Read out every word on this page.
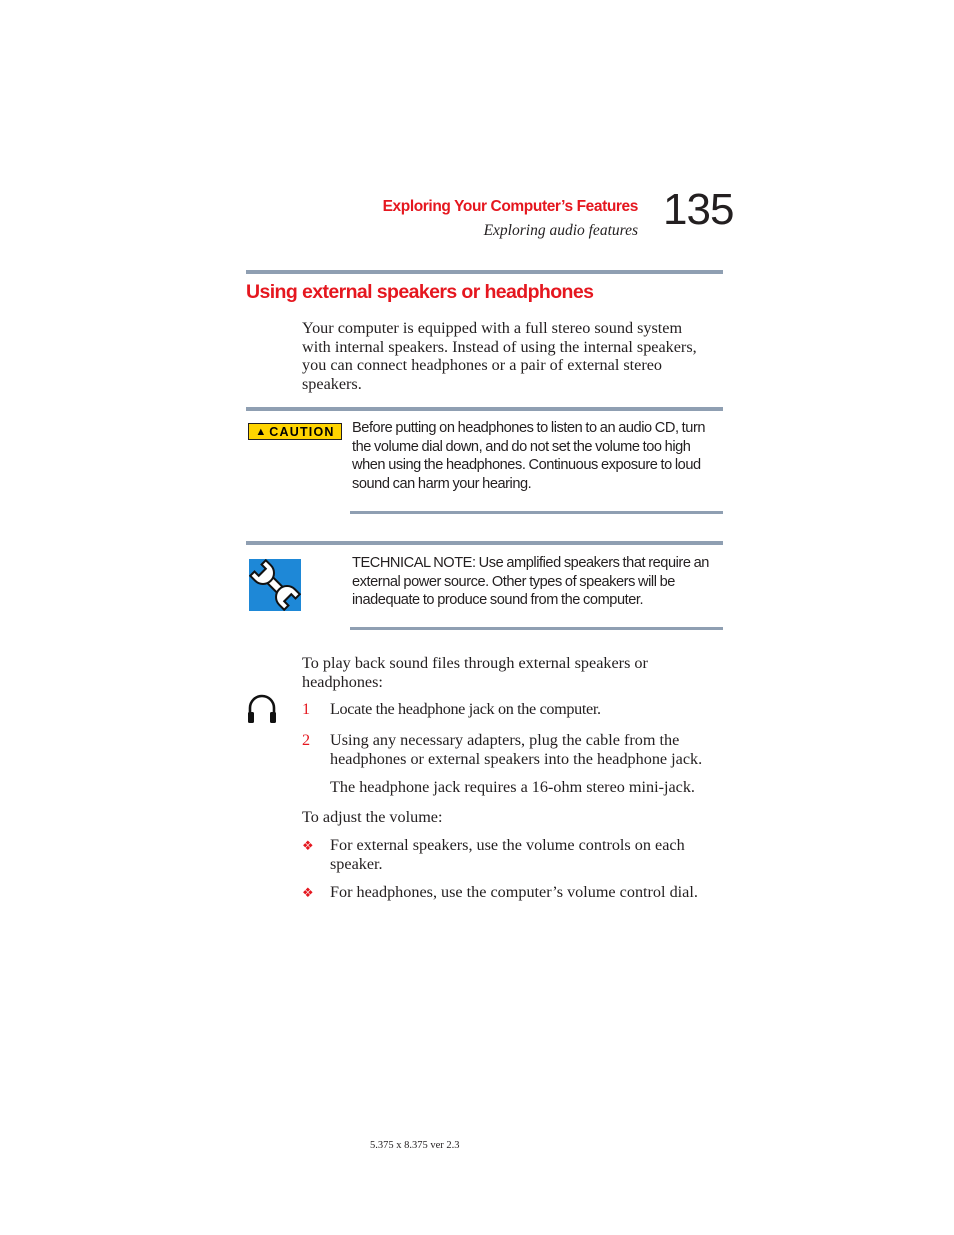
Exploring Your Computer’s Features
Exploring audio features 135
Using external speakers or headphones
Your computer is equipped with a full stereo sound system
with internal speakers. Instead of using the internal speakers,
you can connect headphones or a pair of external stereo
speakers.
▲ CAUTION Before putting on headphones to listen to an audio CD, turn
the volume dial down, and do not set the volume too high
when using the headphones. Continuous exposure to loud
sound can harm your hearing.
TECHNICAL NOTE: Use amplified speakers that require an
external power source. Other types of speakers will be
inadequate to produce sound from the computer.
To play back sound files through external speakers or
headphones:
1 Locate the headphone jack on the computer.
2 Using any necessary adapters, plug the cable from the
headphones or external speakers into the headphone jack.
The headphone jack requires a 16-ohm stereo mini-jack.
To adjust the volume:
❖ For external speakers, use the volume controls on each
speaker.
❖ For headphones, use the computer’s volume control dial.
5.375 x 8.375 ver 2.3
